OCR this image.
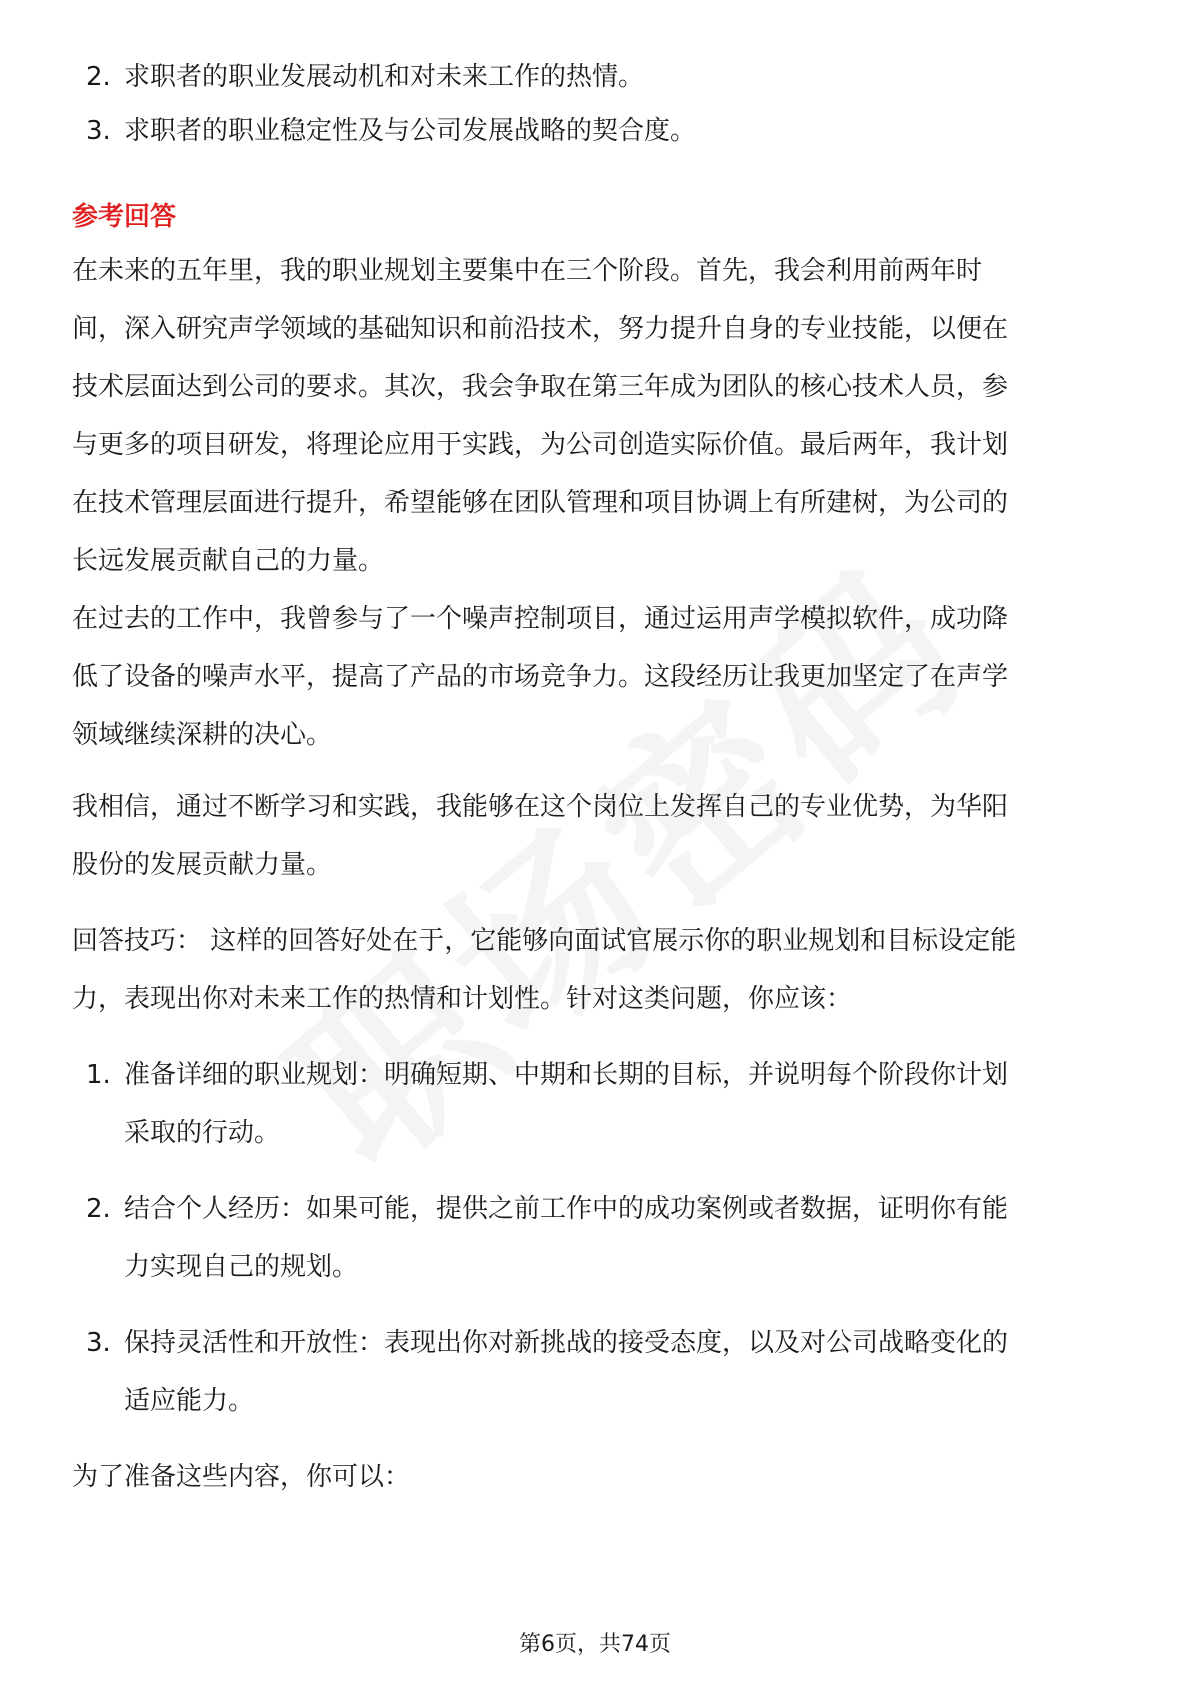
2. 求职者的职业发展动机和对未来工作的热情。
3. 求职者的职业稳定性及与公司发展战略的契合度。
参考回答
在未来的五年里，我的职业规划主要集中在三个阶段。首先，我会利用前两年时
间，深入研究声学领域的基础知识和前沿技术，努力提升自身的专业技能，以便在
技术层面达到公司的要求。其次，我会争取在第三年成为团队的核心技术人员，参
与更多的项目研发，将理论应用于实践，为公司创造实际价值。最后两年，我计划
在技术管理层面进行提升，希望能够在团队管理和项目协调上有所建树，为公司的
长远发展贡献自己的力量。
在过去的工作中，我曾参与了一个噪声控制项目，通过运用声学模拟软件，成功降
低了设备的噪声水平，提高了产品的市场竞争力。这段经历让我更加坚定了在声学
领域继续深耕的决心。
我相信，通过不断学习和实践，我能够在这个岗位上发挥自己的专业优势，为华阳
股份的发展贡献力量。
回答技巧： 这样的回答好处在于，它能够向面试官展示你的职业规划和目标设定能
力，表现出你对未来工作的热情和计划性。针对这类问题，你应该：
1. 准备详细的职业规划：明确短期、中期和长期的目标，并说明每个阶段你计划
采取的行动。
2. 结合个人经历：如果可能，提供之前工作中的成功案例或者数据，证明你有能
力实现自己的规划。
3. 保持灵活性和开放性：表现出你对新挑战的接受态度，以及对公司战略变化的
适应能力。
为了准备这些内容，你可以：
第6页，共74页
